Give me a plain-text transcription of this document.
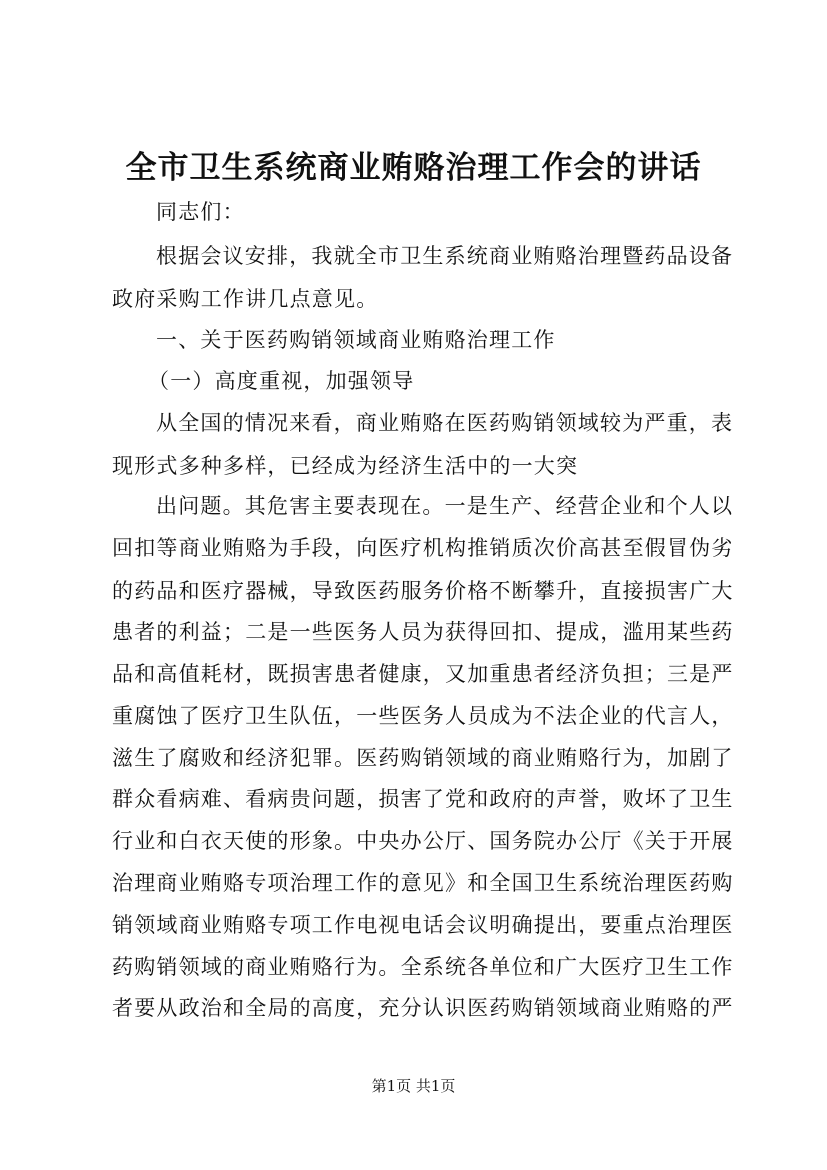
全市卫生系统商业贿赂治理工作会的讲话
同志们：
根据会议安排，我就全市卫生系统商业贿赂治理暨药品设备
政府采购工作讲几点意见。
一、关于医药购销领域商业贿赂治理工作
（一）高度重视，加强领导
从全国的情况来看，商业贿赂在医药购销领域较为严重，表
现形式多种多样，已经成为经济生活中的一大突
出问题。其危害主要表现在。一是生产、经营企业和个人以
回扣等商业贿赂为手段，向医疗机构推销质次价高甚至假冒伪劣
的药品和医疗器械，导致医药服务价格不断攀升，直接损害广大
患者的利益；二是一些医务人员为获得回扣、提成，滥用某些药
品和高值耗材，既损害患者健康，又加重患者经济负担；三是严
重腐蚀了医疗卫生队伍，一些医务人员成为不法企业的代言人，
滋生了腐败和经济犯罪。医药购销领域的商业贿赂行为，加剧了
群众看病难、看病贵问题，损害了党和政府的声誉，败坏了卫生
行业和白衣天使的形象。中央办公厅、国务院办公厅《关于开展
治理商业贿赂专项治理工作的意见》和全国卫生系统治理医药购
销领域商业贿赂专项工作电视电话会议明确提出，要重点治理医
药购销领域的商业贿赂行为。全系统各单位和广大医疗卫生工作
者要从政治和全局的高度，充分认识医药购销领域商业贿赂的严
第1页 共1页
